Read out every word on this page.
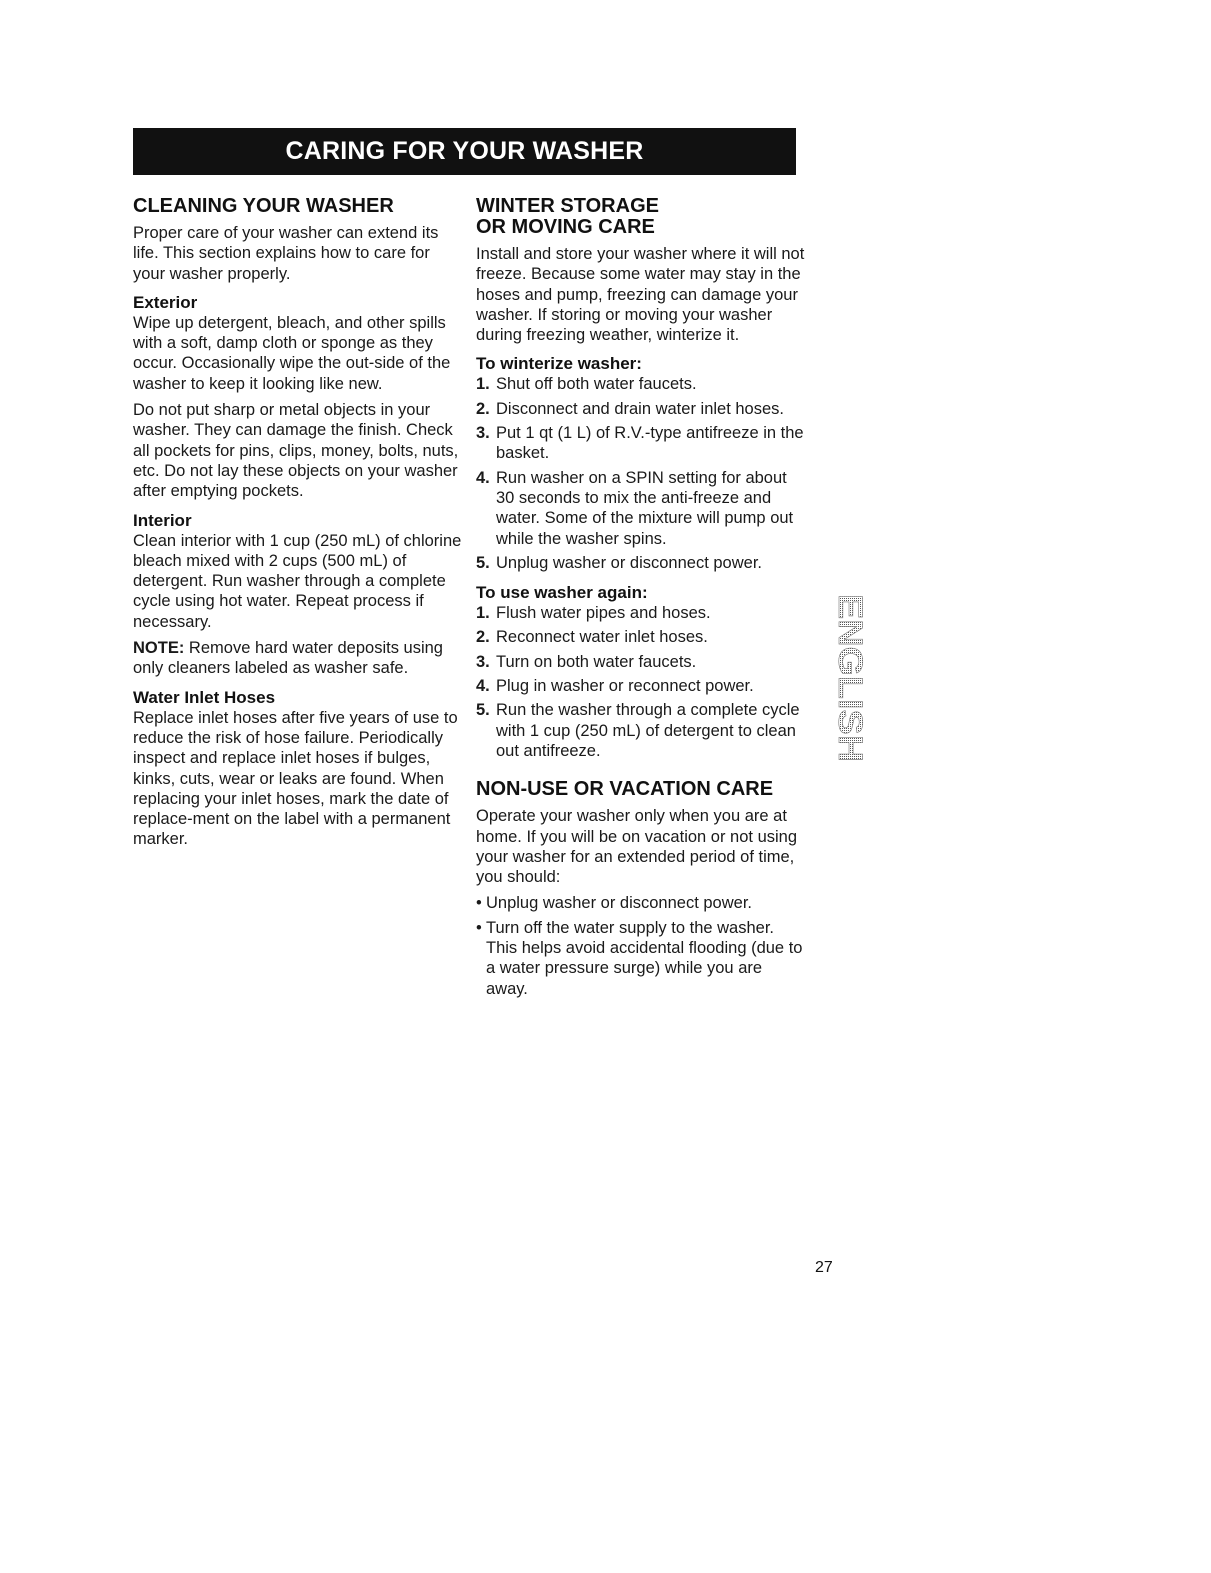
CARING FOR YOUR WASHER
CLEANING YOUR WASHER

Proper care of your washer can extend its life. This section explains how to care for your washer properly.

Exterior

Wipe up detergent, bleach, and other spills with a soft, damp cloth or sponge as they occur. Occasionally wipe the out-side of the washer to keep it looking like new.

Do not put sharp or metal objects in your washer. They can damage the finish. Check all pockets for pins, clips, money, bolts, nuts, etc. Do not lay these objects on your washer after emptying pockets.

Interior

Clean interior with 1 cup (250 mL) of chlorine bleach mixed with 2 cups (500 mL) of detergent. Run washer through a complete cycle using hot water. Repeat process if necessary.

NOTE: Remove hard water deposits using only cleaners labeled as washer safe.

Water Inlet Hoses

Replace inlet hoses after five years of use to reduce the risk of hose failure. Periodically inspect and replace inlet hoses if bulges, kinks, cuts, wear or leaks are found. When replacing your inlet hoses, mark the date of replace-ment on the label with a permanent marker.

WINTER STORAGE
OR MOVING CARE

Install and store your washer where it will not freeze. Because some water may stay in the hoses and pump, freezing can damage your washer. If storing or moving your washer during freezing weather, winterize it.

To winterize washer:
1. Shut off both water faucets.
2. Disconnect and drain water inlet hoses.
3. Put 1 qt (1 L) of R.V.-type antifreeze in the basket.
4. Run washer on a SPIN setting for about 30 seconds to mix the anti-freeze and water. Some of the mixture will pump out while the washer spins.
5. Unplug washer or disconnect power.
To use washer again:
1. Flush water pipes and hoses.
2. Reconnect water inlet hoses.
3. Turn on both water faucets.
4. Plug in washer or reconnect power.
5. Run the washer through a complete cycle with 1 cup (250 mL) of detergent to clean out antifreeze.
NON-USE OR VACATION CARE

Operate your washer only when you are at home. If you will be on vacation or not using your washer for an extended period of time, you should:

• Unplug washer or disconnect power.
• Turn off the water supply to the washer. This helps avoid accidental flooding (due to a water pressure surge) while you are away.
ENGLISH
27
